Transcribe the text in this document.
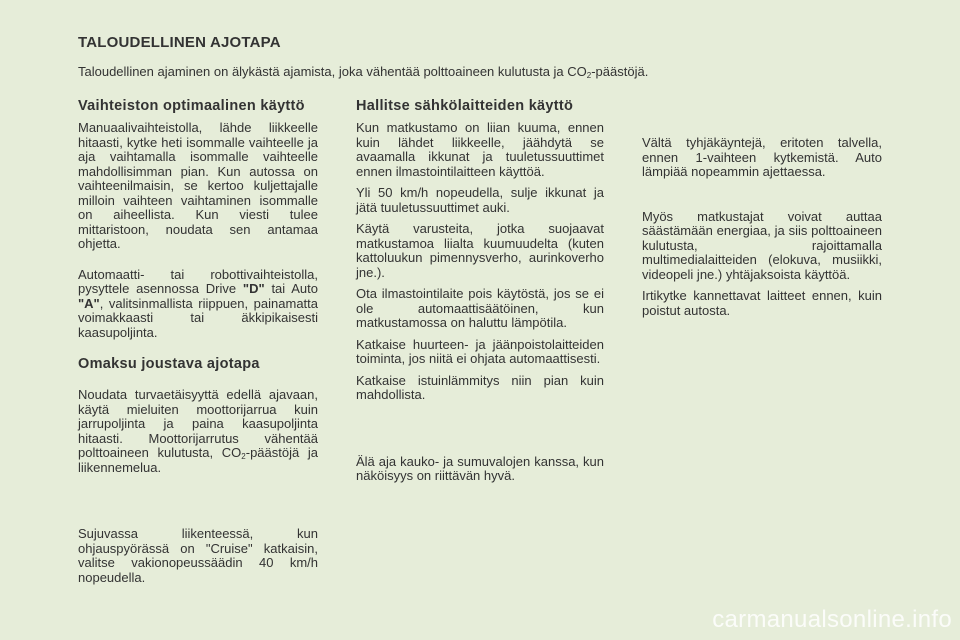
TALOUDELLINEN AJOTAPA
Taloudellinen ajaminen on älykästä ajamista, joka vähentää polttoaineen kulutusta ja $CO_2$-päästöjä.
Vaihteiston optimaalinen käyttö

Manuaalivaihteistolla, lähde liikkeelle hitaasti, kytke heti isommalle vaihteelle ja aja vaihtamalla isommalle vaihteelle mahdollisimman pian. Kun autossa on vaihteenilmaisin, se kertoo kuljettajalle milloin vaihteen vaihtaminen isommalle on aiheellista. Kun viesti tulee mittaristoon, noudata sen antamaa ohjetta.

Automaatti- tai robottivaihteistolla, pysyttele asennossa Drive "D" tai Auto "A", valitsinmallista riippuen, painamatta voimakkaasti tai äkkipikaisesti kaasupoljinta.

Omaksu joustava ajotapa

Noudata turvaetäisyyttä edellä ajavaan, käytä mieluiten moottorijarrua kuin jarrupoljinta ja paina kaasupoljinta hitaasti. Moottorijarrutus vähentää polttoaineen kulutusta, $CO_2$-päästöjä ja liikennemelua.

Sujuvassa liikenteessä, kun ohjauspyörässä on "Cruise" katkaisin, valitse vakionopeussäädin 40 km/h nopeudella.

Hallitse sähkölaitteiden käyttö

Kun matkustamo on liian kuuma, ennen kuin lähdet liikkeelle, jäähdytä se avaamalla ikkunat ja tuuletussuuttimet ennen ilmastointilaitteen käyttöä.

Yli 50 km/h nopeudella, sulje ikkunat ja jätä tuuletussuuttimet auki.

Käytä varusteita, jotka suojaavat matkustamoa liialta kuumuudelta (kuten kattoluukun pimennysverho, aurinkoverho jne.).

Ota ilmastointilaite pois käytöstä, jos se ei ole automaattisäätöinen, kun matkustamossa on haluttu lämpötila.

Katkaise huurteen- ja jäänpoistolaitteiden toiminta, jos niitä ei ohjata automaattisesti.

Katkaise istuinlämmitys niin pian kuin mahdollista.

Älä aja kauko- ja sumuvalojen kanssa, kun näköisyys on riittävän hyvä.

Vältä tyhjäkäyntejä, eritoten talvella, ennen 1-vaihteen kytkemistä. Auto lämpiää nopeammin ajettaessa.

Myös matkustajat voivat auttaa säästämään energiaa, ja siis polttoaineen kulutusta, rajoittamalla multimedialaitteiden (elokuva, musiikki, videopeli jne.) yhtäjaksoista käyttöä.

Irtikytke kannettavat laitteet ennen, kuin poistut autosta.

carmanualsonline.info
